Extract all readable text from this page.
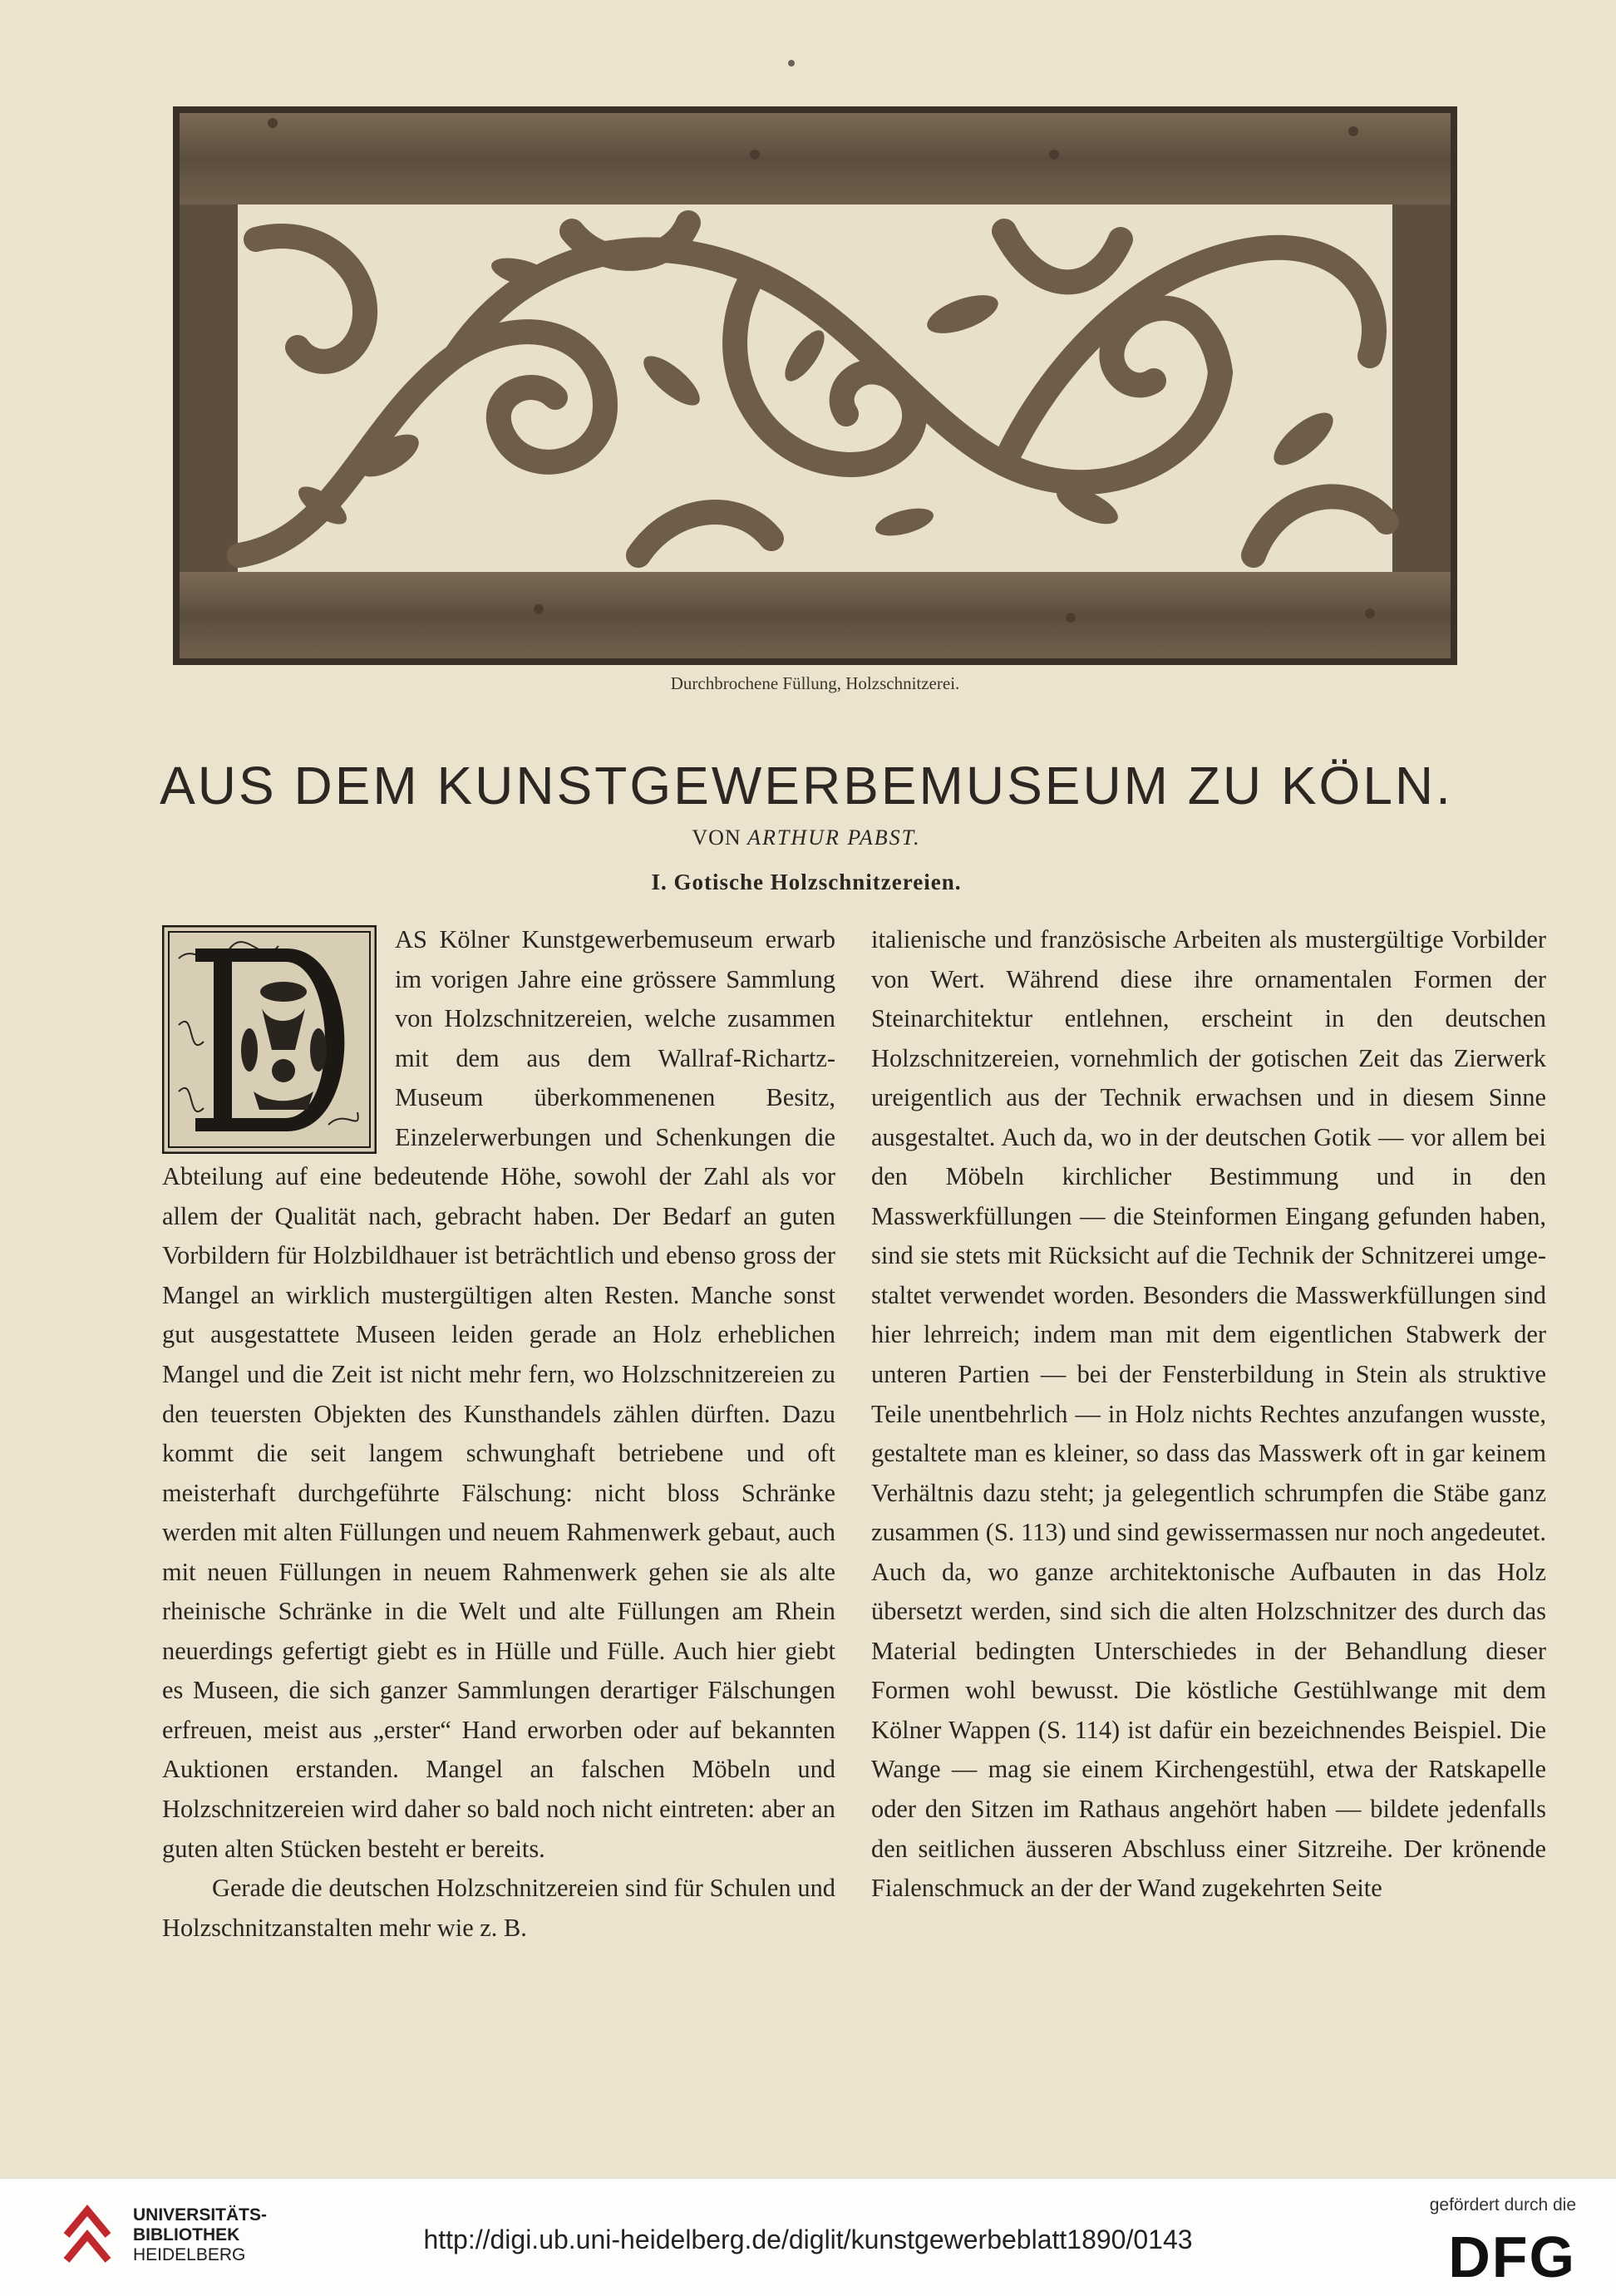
Durchbrochene Füllung, Holzschnitzerei.
AUS DEM KUNSTGEWERBEMUSEUM ZU KÖLN.
VON ARTHUR PABST.
I. Gotische Holzschnitzereien.

AS Kölner Kunstgewerbemuseum erwarb im vorigen Jahre eine grössere Sammlung von Holzschnitzereien, welche zusammen mit dem aus dem Wallraf-Richartz-Museum überkommenenen Besitz, Einzelerwerbungen und Schenkungen die Abteilung auf eine bedeutende Höhe, sowohl der Zahl als vor allem der Qualität nach, gebracht haben. Der Bedarf an guten Vorbildern für Holzbildhauer ist beträchtlich und ebenso gross der Mangel an wirklich mustergültigen alten Resten. Manche sonst gut ausgestattete Museen leiden gerade an Holz erheblichen Mangel und die Zeit ist nicht mehr fern, wo Holzschnitzereien zu den teuersten Objekten des Kunsthandels zählen dürften. Dazu kommt die seit langem schwunghaft betriebene und oft meisterhaft durchgeführte Fälschung: nicht bloss Schränke werden mit alten Füllungen und neuem Rahmenwerk gebaut, auch mit neuen Füllungen in neuem Rahmenwerk gehen sie als alte rheinische Schränke in die Welt und alte Füllungen am Rhein neuerdings gefertigt giebt es in Hülle und Fülle. Auch hier giebt es Museen, die sich ganzer Sammlungen derartiger Fälschungen erfreuen, meist aus „erster“ Hand erworben oder auf bekannten Auktionen erstanden. Mangel an falschen Möbeln und Holzschnitzereien wird daher so bald noch nicht eintreten: aber an guten alten Stücken besteht er bereits.

Gerade die deutschen Holzschnitzereien sind für Schulen und Holzschnitzanstalten mehr wie z. B.

italienische und französische Arbeiten als mustergültige Vorbilder von Wert. Während diese ihre ornamentalen Formen der Steinarchitektur entlehnen, erscheint in den deutschen Holzschnitzereien, vornehmlich der gotischen Zeit das Zierwerk ureigentlich aus der Technik erwachsen und in diesem Sinne ausgestaltet. Auch da, wo in der deutschen Gotik — vor allem bei den Möbeln kirchlicher Bestimmung und in den Masswerkfüllungen — die Steinformen Eingang gefunden haben, sind sie stets mit Rücksicht auf die Technik der Schnitzerei umgestaltet verwendet worden. Besonders die Masswerkfüllungen sind hier lehrreich; indem man mit dem eigentlichen Stabwerk der unteren Partien — bei der Fensterbildung in Stein als struktive Teile unentbehrlich — in Holz nichts Rechtes anzufangen wusste, gestaltete man es kleiner, so dass das Masswerk oft in gar keinem Verhältnis dazu steht; ja gelegentlich schrumpfen die Stäbe ganz zusammen (S. 113) und sind gewissermassen nur noch angedeutet. Auch da, wo ganze architektonische Aufbauten in das Holz übersetzt werden, sind sich die alten Holzschnitzer des durch das Material bedingten Unterschiedes in der Behandlung dieser Formen wohl bewusst. Die köstliche Gestühlwange mit dem Kölner Wappen (S. 114) ist dafür ein bezeichnendes Beispiel. Die Wange — mag sie einem Kirchengestühl, etwa der Ratskapelle oder den Sitzen im Rathaus angehört haben — bildete jedenfalls den seitlichen äusseren Abschluss einer Sitzreihe. Der krönende Fialenschmuck an der der Wand zugekehrten Seite

UNIVERSITÄTS-
BIBLIOTHEK
HEIDELBERG
http://digi.ub.uni-heidelberg.de/diglit/kunstgewerbeblatt1890/0143
gefördert durch die
DFG
